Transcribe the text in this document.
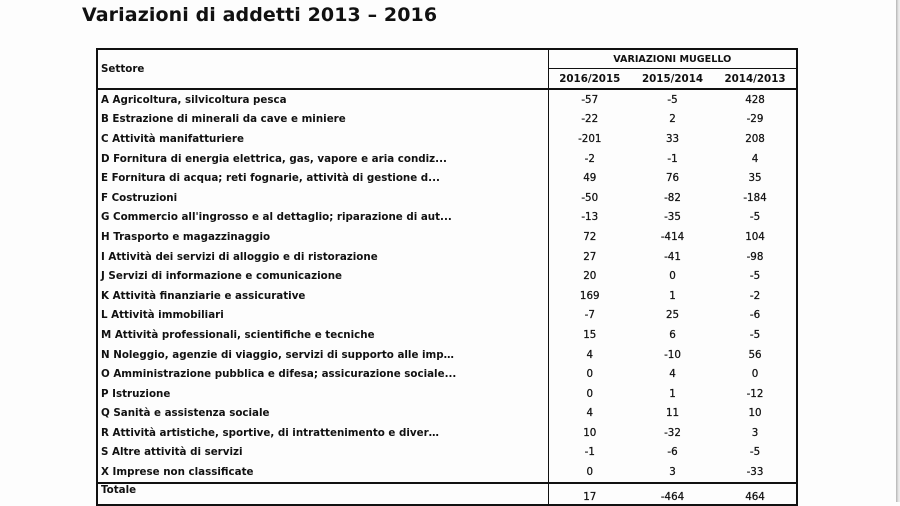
Variazioni di addetti 2013 – 2016
Settore	VARIAZIONI MUGELLO		
	2016/2015	2015/2014	2014/2013
A Agricoltura, silvicoltura pesca	-57	-5	428
B Estrazione di minerali da cave e miniere	-22	2	-29
C Attività manifatturiere	-201	33	208
D Fornitura di energia elettrica, gas, vapore e aria condiz...	-2	-1	4
E Fornitura di acqua; reti fognarie, attività di gestione d...	49	76	35
F Costruzioni	-50	-82	-184
G Commercio all'ingrosso e al dettaglio; riparazione di aut...	-13	-35	-5
H Trasporto e magazzinaggio	72	-414	104
I Attività dei servizi di alloggio e di ristorazione	27	-41	-98
J Servizi di informazione e comunicazione	20	0	-5
K Attività finanziarie e assicurative	169	1	-2
L Attività immobiliari	-7	25	-6
M Attività professionali, scientifiche e tecniche	15	6	-5
N Noleggio, agenzie di viaggio, servizi di supporto alle imp…	4	-10	56
O Amministrazione pubblica e difesa; assicurazione sociale...	0	4	0
P Istruzione	0	1	-12
Q Sanità e assistenza sociale	4	11	10
R Attività artistiche, sportive, di intrattenimento e diver…	10	-32	3
S Altre attività di servizi	-1	-6	-5
X Imprese non classificate	0	3	-33
Totale	17	-464	464
